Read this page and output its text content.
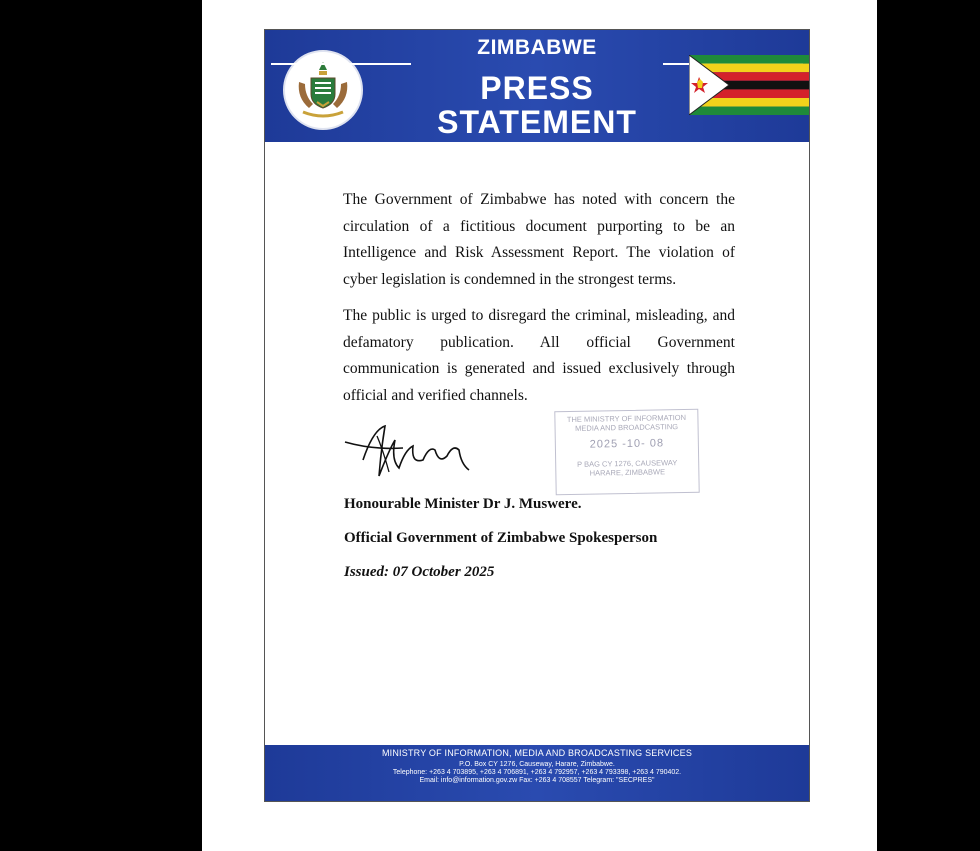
ZIMBABWE
PRESS
STATEMENT
The Government of Zimbabwe has noted with concern the circulation of a fictitious document purporting to be an Intelligence and Risk Assessment Report. The violation of cyber legislation is condemned in the strongest terms.
The public is urged to disregard the criminal, misleading, and defamatory publication. All official Government communication is generated and issued exclusively through official and verified channels.
THE MINISTRY OF INFORMATION
MEDIA AND BROADCASTING
2025 -10- 08
P BAG CY 1276, CAUSEWAY
HARARE, ZIMBABWE
Honourable Minister Dr J. Muswere.
Official Government of Zimbabwe Spokesperson
Issued: 07 October 2025
MINISTRY OF INFORMATION, MEDIA AND BROADCASTING SERVICES
P.O. Box CY 1276, Causeway, Harare, Zimbabwe.
Telephone: +263 4 703895, +263 4 706891, +263 4 792957, +263 4 793398, +263 4 790402.
Email: info@information.gov.zw Fax: +263 4 708557 Telegram: "SECPRES"
